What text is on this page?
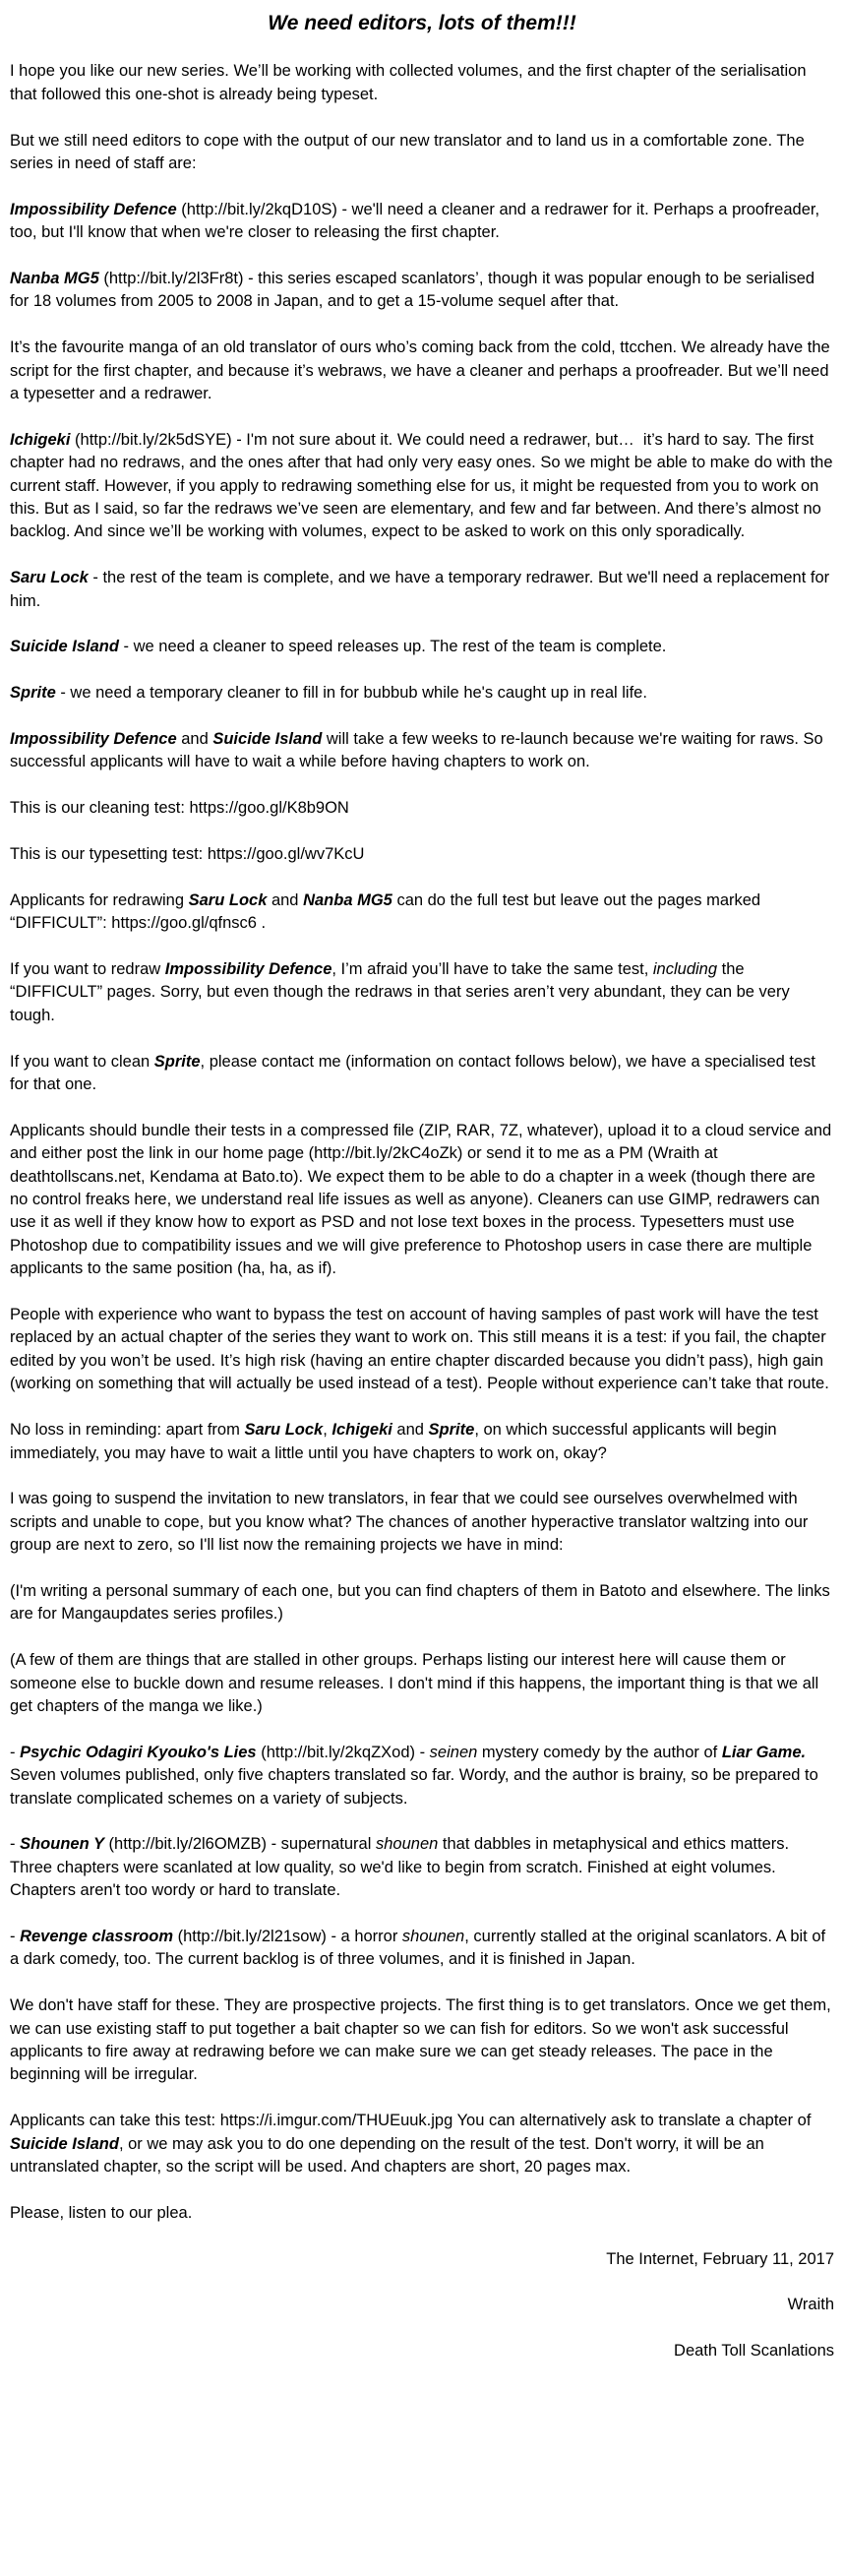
We need editors, lots of them!!!

I hope you like our new series. We’ll be working with collected volumes, and the first chapter of the serialisation that followed this one-shot is already being typeset.

But we still need editors to cope with the output of our new translator and to land us in a comfortable zone. The series in need of staff are:

Impossibility Defence (http://bit.ly/2kqD10S) - we'll need a cleaner and a redrawer for it. Perhaps a proofreader, too, but I'll know that when we're closer to releasing the first chapter.

Nanba MG5 (http://bit.ly/2l3Fr8t) - this series escaped scanlators’, though it was popular enough to be serialised for 18 volumes from 2005 to 2008 in Japan, and to get a 15-volume sequel after that.

It’s the favourite manga of an old translator of ours who’s coming back from the cold, ttcchen. We already have the script for the first chapter, and because it’s webraws, we have a cleaner and perhaps a proofreader. But we’ll need a typesetter and a redrawer.

Ichigeki (http://bit.ly/2k5dSYE) - I'm not sure about it. We could need a redrawer, but…  it’s hard to say. The first chapter had no redraws, and the ones after that had only very easy ones. So we might be able to make do with the current staff. However, if you apply to redrawing something else for us, it might be requested from you to work on this. But as I said, so far the redraws we’ve seen are elementary, and few and far between. And there’s almost no backlog. And since we’ll be working with volumes, expect to be asked to work on this only sporadically.

Saru Lock - the rest of the team is complete, and we have a temporary redrawer. But we'll need a replacement for him.

Suicide Island - we need a cleaner to speed releases up. The rest of the team is complete.

Sprite - we need a temporary cleaner to fill in for bubbub while he's caught up in real life.

Impossibility Defence and Suicide Island will take a few weeks to re-launch because we're waiting for raws. So successful applicants will have to wait a while before having chapters to work on.

This is our cleaning test: https://goo.gl/K8b9ON

This is our typesetting test: https://goo.gl/wv7KcU

Applicants for redrawing Saru Lock and Nanba MG5 can do the full test but leave out the pages marked “DIFFICULT”: https://goo.gl/qfnsc6 .

If you want to redraw Impossibility Defence, I’m afraid you’ll have to take the same test, including the “DIFFICULT” pages. Sorry, but even though the redraws in that series aren’t very abundant, they can be very tough.

If you want to clean Sprite, please contact me (information on contact follows below), we have a specialised test for that one.

Applicants should bundle their tests in a compressed file (ZIP, RAR, 7Z, whatever), upload it to a cloud service and and either post the link in our home page (http://bit.ly/2kC4oZk) or send it to me as a PM (Wraith at deathtollscans.net, Kendama at Bato.to). We expect them to be able to do a chapter in a week (though there are no control freaks here, we understand real life issues as well as anyone). Cleaners can use GIMP, redrawers can use it as well if they know how to export as PSD and not lose text boxes in the process. Typesetters must use Photoshop due to compatibility issues and we will give preference to Photoshop users in case there are multiple applicants to the same position (ha, ha, as if).

People with experience who want to bypass the test on account of having samples of past work will have the test replaced by an actual chapter of the series they want to work on. This still means it is a test: if you fail, the chapter edited by you won’t be used. It’s high risk (having an entire chapter discarded because you didn’t pass), high gain (working on something that will actually be used instead of a test). People without experience can’t take that route.

No loss in reminding: apart from Saru Lock, Ichigeki and Sprite, on which successful applicants will begin immediately, you may have to wait a little until you have chapters to work on, okay?

I was going to suspend the invitation to new translators, in fear that we could see ourselves overwhelmed with scripts and unable to cope, but you know what? The chances of another hyperactive translator waltzing into our group are next to zero, so I'll list now the remaining projects we have in mind:

(I'm writing a personal summary of each one, but you can find chapters of them in Batoto and elsewhere. The links are for Mangaupdates series profiles.)

(A few of them are things that are stalled in other groups. Perhaps listing our interest here will cause them or someone else to buckle down and resume releases. I don't mind if this happens, the important thing is that we all get chapters of the manga we like.)

- Psychic Odagiri Kyouko's Lies (http://bit.ly/2kqZXod) - seinen mystery comedy by the author of Liar Game. Seven volumes published, only five chapters translated so far. Wordy, and the author is brainy, so be prepared to translate complicated schemes on a variety of subjects.

- Shounen Y (http://bit.ly/2l6OMZB) - supernatural shounen that dabbles in metaphysical and ethics matters. Three chapters were scanlated at low quality, so we'd like to begin from scratch. Finished at eight volumes. Chapters aren't too wordy or hard to translate.

- Revenge classroom (http://bit.ly/2l21sow) - a horror shounen, currently stalled at the original scanlators. A bit of a dark comedy, too. The current backlog is of three volumes, and it is finished in Japan.

We don't have staff for these. They are prospective projects. The first thing is to get translators. Once we get them, we can use existing staff to put together a bait chapter so we can fish for editors. So we won't ask successful applicants to fire away at redrawing before we can make sure we can get steady releases. The pace in the beginning will be irregular.

Applicants can take this test: https://i.imgur.com/THUEuuk.jpg You can alternatively ask to translate a chapter of Suicide Island, or we may ask you to do one depending on the result of the test. Don't worry, it will be an untranslated chapter, so the script will be used. And chapters are short, 20 pages max.

Please, listen to our plea.

The Internet, February 11, 2017

Wraith

Death Toll Scanlations
